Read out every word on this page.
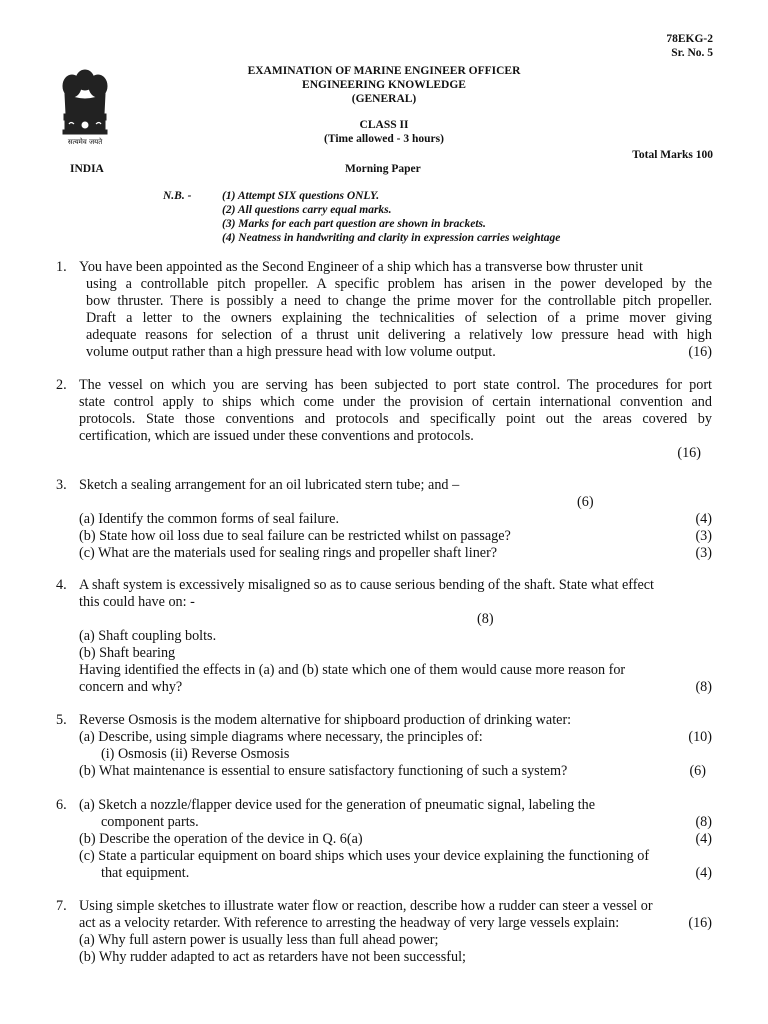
78EKG-2
Sr. No. 5
EXAMINATION OF MARINE ENGINEER OFFICER
ENGINEERING KNOWLEDGE
(GENERAL)
CLASS II
(Time allowed - 3 hours)
Total Marks 100
INDIA	Morning Paper
सत्यमेव जयते
N.B. -	(1) Attempt SIX questions ONLY.
(2) All questions carry equal marks.
(3) Marks for each part question are shown in brackets.
(4) Neatness in handwriting and clarity in expression carries weightage
1. You have been appointed as the Second Engineer of a ship which has a transverse bow thruster unit

using a controllable pitch propeller. A specific problem has arisen in the power developed by the

bow thruster. There is possibly a need to change the prime mover for the controllable pitch propeller.

Draft a letter to the owners explaining the technicalities of selection of a prime mover giving

adequate reasons for selection of a thrust unit delivering a relatively low pressure head with high

volume output rather than a high pressure head with low volume output.	(16)
2. The vessel on which you are serving has been subjected to port state control. The procedures for port

state control apply to ships which come under the provision of certain international convention and

protocols. State those conventions and protocols and specifically point out the areas covered by

certification, which are issued under these conventions and protocols.

(16)

3. Sketch a sealing arrangement for an oil lubricated stern tube; and –

(6)

(a) Identify the common forms of seal failure.	(4)
(b) State how oil loss due to seal failure can be restricted whilst on passage?	(3)
(c) What are the materials used for sealing rings and propeller shaft liner?	(3)
4. A shaft system is excessively misaligned so as to cause serious bending of the shaft. State what effect

this could have on: -

(8)

(a) Shaft coupling bolts.

(b) Shaft bearing

Having identified the effects in (a) and (b) state which one of them would cause more reason for

concern and why?	(8)
5. Reverse Osmosis is the modem alternative for shipboard production of drinking water:

(a) Describe, using simple diagrams where necessary, the principles of:	(10)

(i) Osmosis (ii) Reverse Osmosis

(b) What maintenance is essential to ensure satisfactory functioning of such a system?	(6)
6. (a) Sketch a nozzle/flapper device used for the generation of pneumatic signal, labeling the

component parts.	(8)
(b) Describe the operation of the device in Q. 6(a)	(4)

(c) State a particular equipment on board ships which uses your device explaining the functioning of

that equipment.	(4)
7. Using simple sketches to illustrate water flow or reaction, describe how a rudder can steer a vessel or

act as a velocity retarder. With reference to arresting the headway of very large vessels explain:	(16)

(a) Why full astern power is usually less than full ahead power;

(b) Why rudder adapted to act as retarders have not been successful;
